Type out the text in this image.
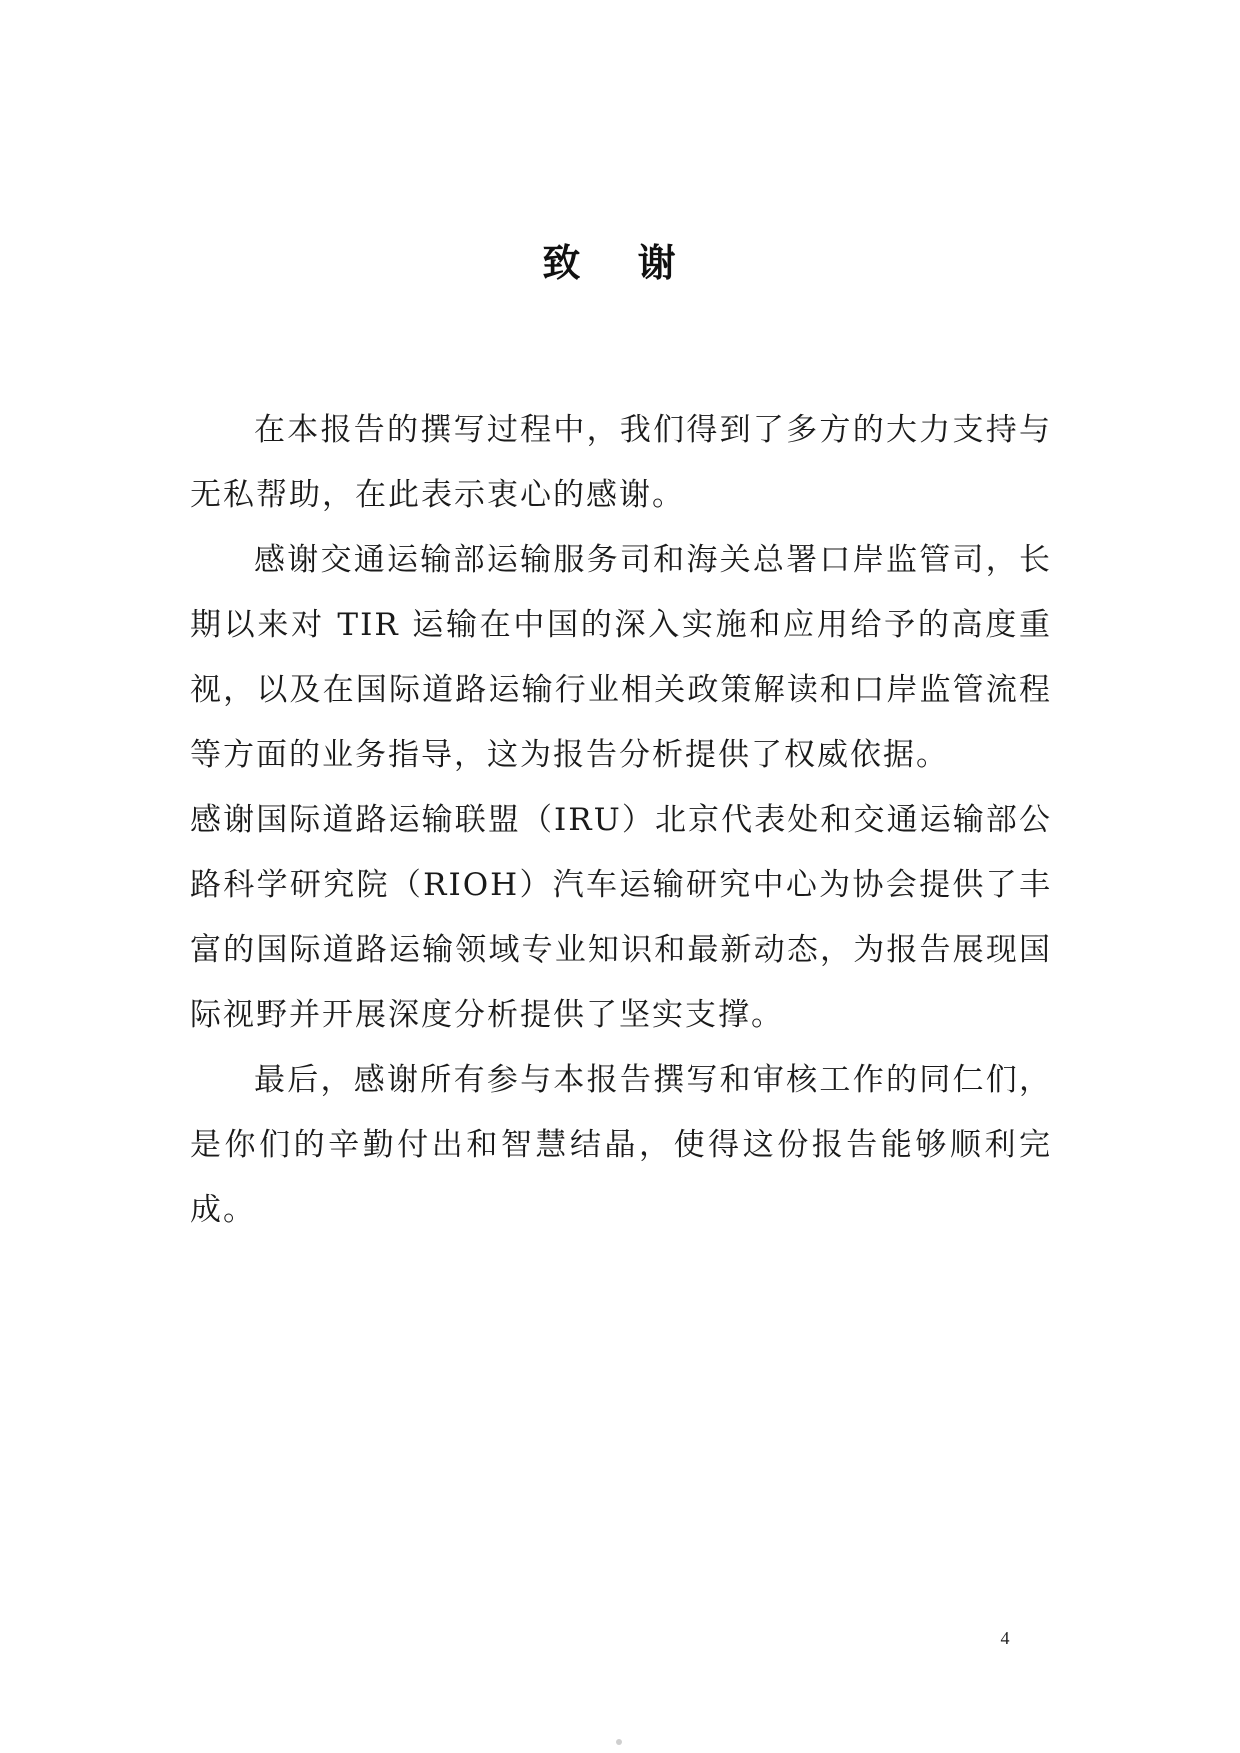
致 谢

在本报告的撰写过程中，我们得到了多方的大力支持与无私帮助，在此表示衷心的感谢。

感谢交通运输部运输服务司和海关总署口岸监管司，长期以来对 TIR 运输在中国的深入实施和应用给予的高度重视，以及在国际道路运输行业相关政策解读和口岸监管流程等方面的业务指导，这为报告分析提供了权威依据。

感谢国际道路运输联盟（IRU）北京代表处和交通运输部公路科学研究院（RIOH）汽车运输研究中心为协会提供了丰富的国际道路运输领域专业知识和最新动态，为报告展现国际视野并开展深度分析提供了坚实支撑。

最后，感谢所有参与本报告撰写和审核工作的同仁们，是你们的辛勤付出和智慧结晶，使得这份报告能够顺利完成。

4
